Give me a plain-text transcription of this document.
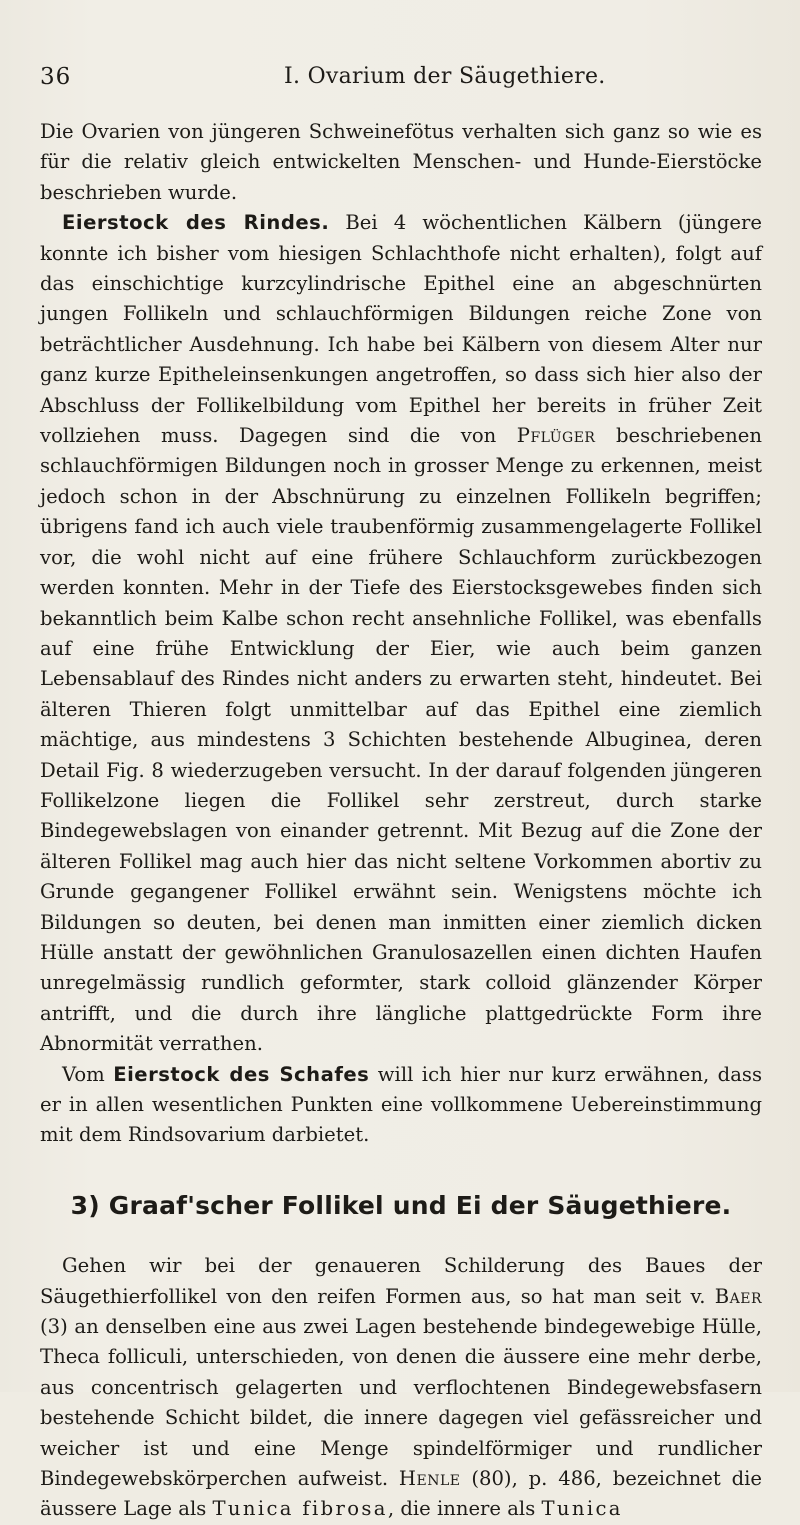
36	I. Ovarium der Säugethiere.

Die Ovarien von jüngeren Schweinefötus verhalten sich ganz so wie es für die relativ gleich entwickelten Menschen- und Hunde-Eierstöcke beschrieben wurde.

Eierstock des Rindes. Bei 4 wöchentlichen Kälbern (jüngere konnte ich bisher vom hiesigen Schlachthofe nicht erhalten), folgt auf das einschichtige kurzcylindrische Epithel eine an abgeschnürten jungen Follikeln und schlauchförmigen Bildungen reiche Zone von beträchtlicher Ausdehnung. Ich habe bei Kälbern von diesem Alter nur ganz kurze Epitheleinsenkungen angetroffen, so dass sich hier also der Abschluss der Follikelbildung vom Epithel her bereits in früher Zeit vollziehen muss. Dagegen sind die von Pflüger beschriebenen schlauchförmigen Bildungen noch in grosser Menge zu erkennen, meist jedoch schon in der Abschnürung zu einzelnen Follikeln begriffen; übrigens fand ich auch viele traubenförmig zusammengelagerte Follikel vor, die wohl nicht auf eine frühere Schlauchform zurückbezogen werden konnten. Mehr in der Tiefe des Eierstocksgewebes finden sich bekanntlich beim Kalbe schon recht ansehnliche Follikel, was ebenfalls auf eine frühe Entwicklung der Eier, wie auch beim ganzen Lebensablauf des Rindes nicht anders zu erwarten steht, hindeutet. Bei älteren Thieren folgt unmittelbar auf das Epithel eine ziemlich mächtige, aus mindestens 3 Schichten bestehende Albuginea, deren Detail Fig. 8 wiederzugeben versucht. In der darauf folgenden jüngeren Follikelzone liegen die Follikel sehr zerstreut, durch starke Bindegewebslagen von einander getrennt. Mit Bezug auf die Zone der älteren Follikel mag auch hier das nicht seltene Vorkommen abortiv zu Grunde gegangener Follikel erwähnt sein. Wenigstens möchte ich Bildungen so deuten, bei denen man inmitten einer ziemlich dicken Hülle anstatt der gewöhnlichen Granulosazellen einen dichten Haufen unregelmässig rundlich geformter, stark colloid glänzender Körper antrifft, und die durch ihre längliche plattgedrückte Form ihre Abnormität verrathen.

Vom Eierstock des Schafes will ich hier nur kurz erwähnen, dass er in allen wesentlichen Punkten eine vollkommene Uebereinstimmung mit dem Rindsovarium darbietet.

3) Graaf'scher Follikel und Ei der Säugethiere.

Gehen wir bei der genaueren Schilderung des Baues der Säugethierfollikel von den reifen Formen aus, so hat man seit v. Baer (3) an denselben eine aus zwei Lagen bestehende bindegewebige Hülle, Theca folliculi, unterschieden, von denen die äussere eine mehr derbe, aus concentrisch gelagerten und verflochtenen Bindegewebsfasern bestehende Schicht bildet, die innere dagegen viel gefässreicher und weicher ist und eine Menge spindelförmiger und rundlicher Bindegewebskörperchen aufweist. Henle (80), p. 486, bezeichnet die äussere Lage als Tunica fibrosa, die innere als Tunica
